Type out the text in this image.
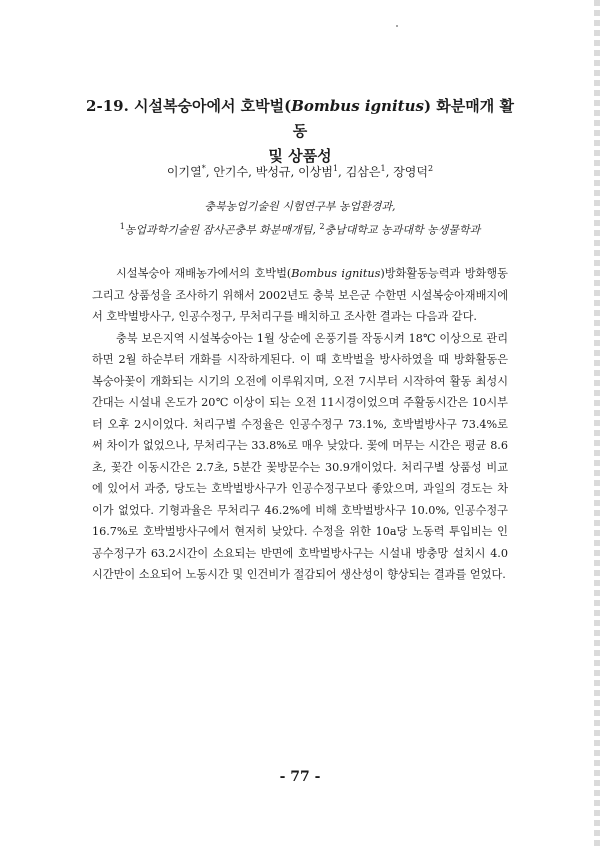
2-19. 시설복숭아에서 호박벌(Bombus ignitus) 화분매개 활동
및 상품성
이기열*, 안기수, 박성규, 이상범$^1$, 김삼은$^1$, 장영덕$^2$
충북농업기술원 시험연구부 농업환경과,
$^1$농업과학기술원 잠사곤충부 화분매개팀, $^2$충남대학교 농과대학 농생물학과

시설복숭아 재배농가에서의 호박벌(Bombus ignitus)방화활동능력과 방화행동 그리고 상품성을 조사하기 위해서 2002년도 충북 보은군 수한면 시설복숭아재배지에서 호박벌방사구, 인공수정구, 무처리구를 배치하고 조사한 결과는 다음과 같다.

충북 보은지역 시설복숭아는 1월 상순에 온풍기를 작동시켜 18℃ 이상으로 관리하면 2월 하순부터 개화를 시작하게된다. 이 때 호박벌을 방사하였을 때 방화활동은 복숭아꽃이 개화되는 시기의 오전에 이루워지며, 오전 7시부터 시작하여 활동 최성시간대는 시설내 온도가 20℃ 이상이 되는 오전 11시경이었으며 주활동시간은 10시부터 오후 2시이었다. 처리구별 수정율은 인공수정구 73.1%, 호박벌방사구 73.4%로써 차이가 없었으나, 무처리구는 33.8%로 매우 낮았다. 꽃에 머무는 시간은 평균 8.6초, 꽃간 이동시간은 2.7초, 5분간 꽃방문수는 30.9개이었다. 처리구별 상품성 비교에 있어서 과중, 당도는 호박벌방사구가 인공수정구보다 좋았으며, 과일의 경도는 차이가 없었다. 기형과율은 무처리구 46.2%에 비해 호박벌방사구 10.0%, 인공수정구 16.7%로 호박벌방사구에서 현저히 낮았다. 수정을 위한 10a당 노동력 투입비는 인공수정구가 63.2시간이 소요되는 반면에 호박벌방사구는 시설내 방충망 설치시 4.0시간만이 소요되어 노동시간 및 인건비가 절감되어 생산성이 향상되는 결과를 얻었다.

- 77 -
